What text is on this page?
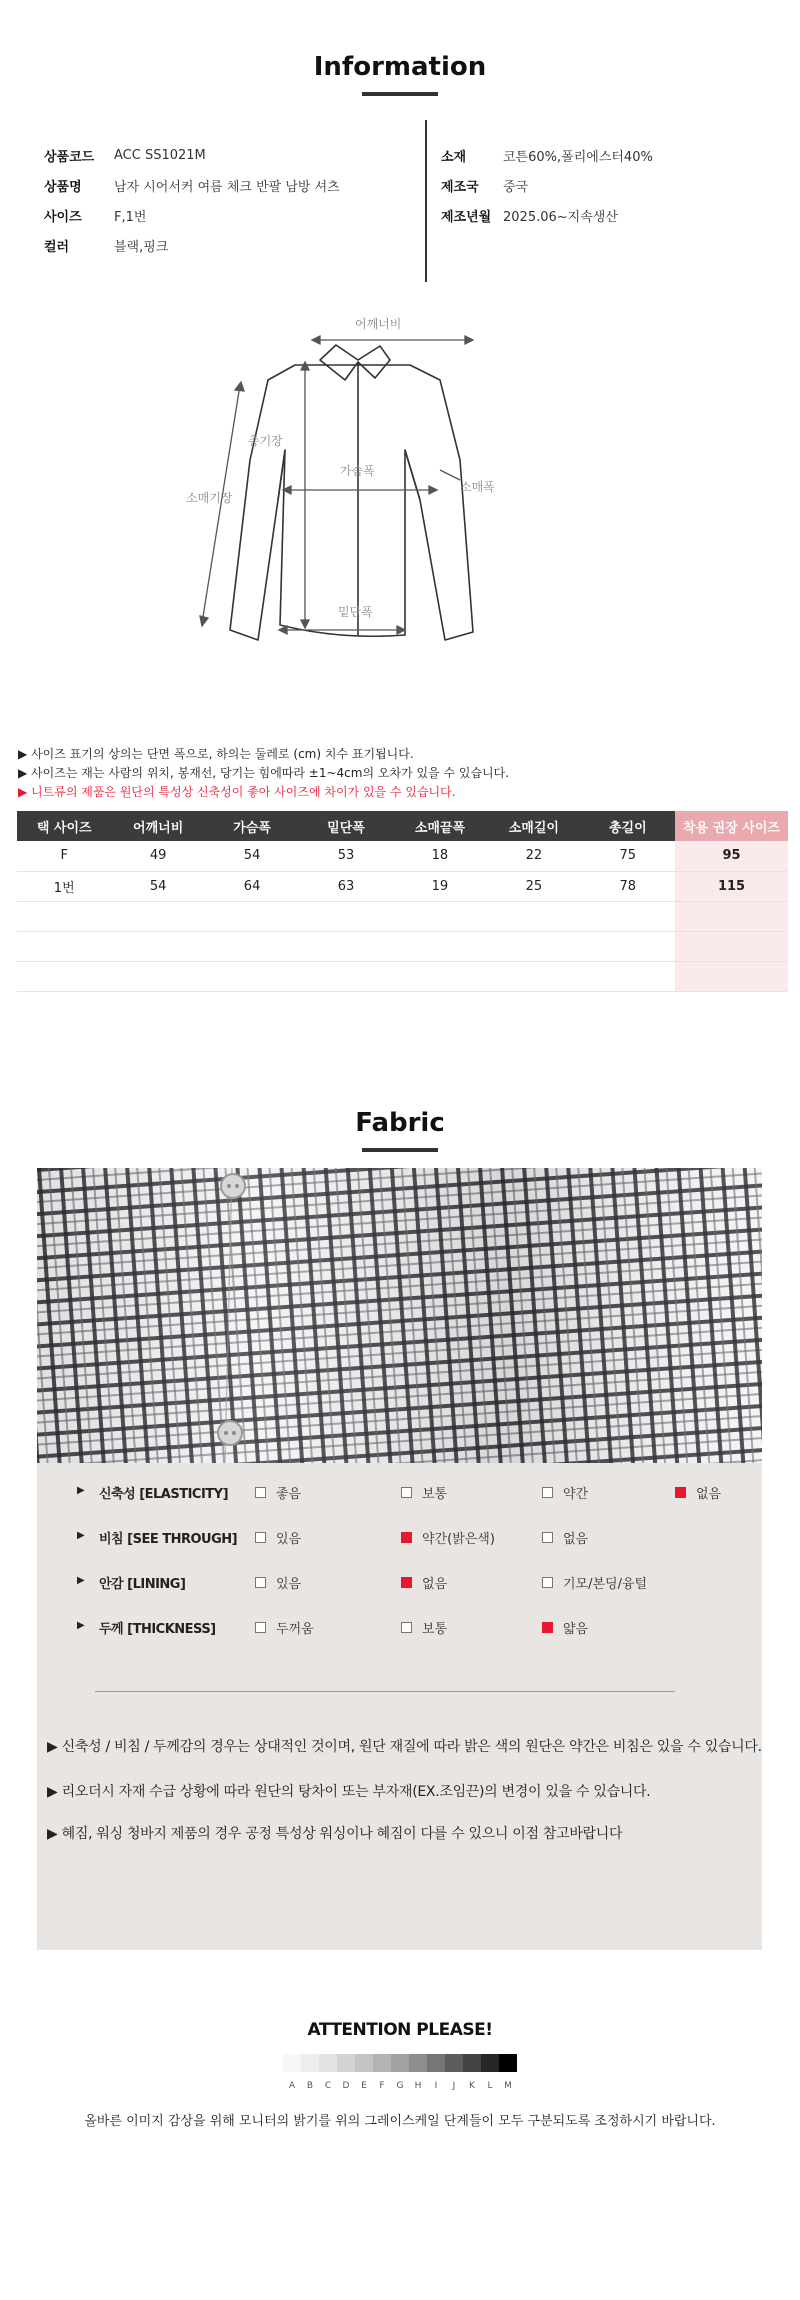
Information
상품코드	ACC SS1021M
상품명	남자 시어서커 여름 체크 반팔 남방 셔츠
사이즈	F,1번
컬러	블랙,핑크
소재	코튼60%,폴리에스터40%
제조국	중국
제조년월 2025.06~지속생산
어깨너비
총기장
가슴폭
소매폭
소매기장
밑단폭
▶ 사이즈 표기의 상의는 단면 폭으로, 하의는 둘레로 (cm) 치수 표기됩니다.
▶ 사이즈는 재는 사람의 위치, 봉재선, 당기는 힘에따라 ±1~4cm의 오차가 있을 수 있습니다.
▶ 니트류의 제품은 원단의 특성상 신축성이 좋아 사이즈에 차이가 있을 수 있습니다.
택 사이즈	어깨너비	가슴폭	밑단폭	소매끝폭	소매길이	총길이	착용 권장 사이즈
F	49	54	53	18	22	75	95
1번	54	64	63	19	25	78	115

Fabric
▶ 신축성 [ELASTICITY]	좋음	보통	약간	없음
▶ 비침 [SEE THROUGH]	있음	약간(밝은색)	없음
▶ 안감 [LINING]	있음	없음	기모/본딩/융털
▶ 두께 [THICKNESS]	두꺼움	보통	얇음
▶ 신축성 / 비침 / 두께감의 경우는 상대적인 것이며, 원단 재질에 따라 밝은 색의 원단은 약간은 비침은 있을 수 있습니다.
▶ 리오더시 자재 수급 상황에 따라 원단의 탕차이 또는 부자재(EX.조임끈)의 변경이 있을 수 있습니다.
▶ 혜짐, 워싱 청바지 제품의 경우 공정 특성상 워싱이나 혜짐이 다를 수 있으니 이점 참고바랍니다
ATTENTION PLEASE!
A	B	C	D	E	F	G	H	I	J	K	L	M
올바른 이미지 감상을 위해 모니터의 밝기를 위의 그레이스케일 단계들이 모두 구분되도록 조정하시기 바랍니다.
